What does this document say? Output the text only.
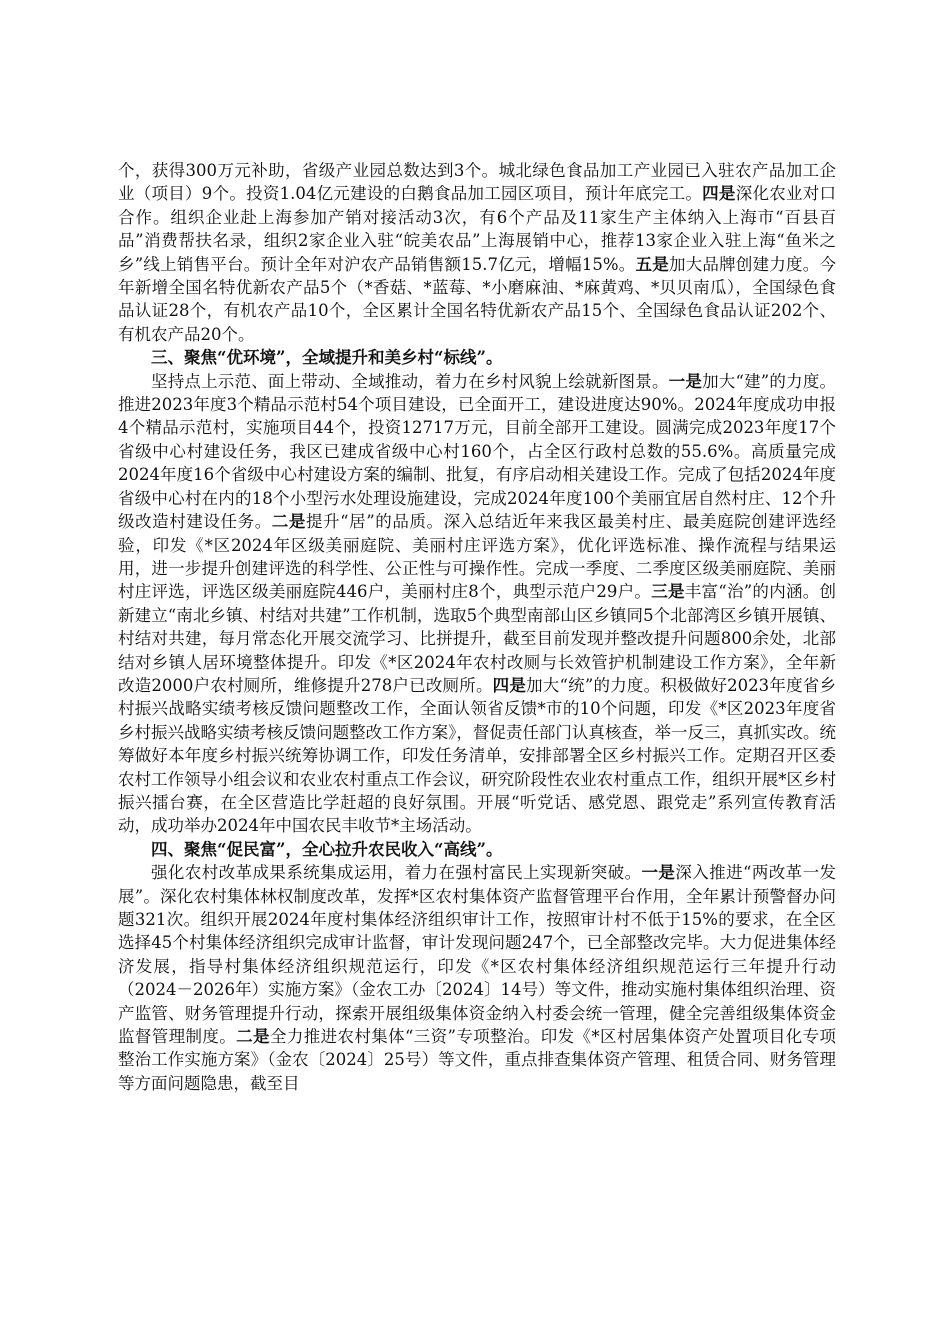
个，获得300万元补助，省级产业园总数达到3个。城北绿色食品加工产业园已入驻农产品加工企业（项目）9个。投资1.04亿元建设的白鹅食品加工园区项目，预计年底完工。四是深化农业对口合作。组织企业赴上海参加产销对接活动3次，有6个产品及11家生产主体纳入上海市“百县百品”消费帮扶名录，组织2家企业入驻“皖美农品”上海展销中心，推荐13家企业入驻上海“鱼米之乡”线上销售平台。预计全年对沪农产品销售额15.7亿元，增幅15%。五是加大品牌创建力度。今年新增全国名特优新农产品5个（*香菇、*蓝莓、*小磨麻油、*麻黄鸡、*贝贝南瓜），全国绿色食品认证28个，有机农产品10个，全区累计全国名特优新农产品15个、全国绿色食品认证202个、有机农产品20个。

三、聚焦“优环境”，全域提升和美乡村“标线”。

坚持点上示范、面上带动、全域推动，着力在乡村风貌上绘就新图景。一是加大“建”的力度。推进2023年度3个精品示范村54个项目建设，已全面开工，建设进度达90%。2024年度成功申报4个精品示范村，实施项目44个，投资12717万元，目前全部开工建设。圆满完成2023年度17个省级中心村建设任务，我区已建成省级中心村160个，占全区行政村总数的55.6%。高质量完成2024年度16个省级中心村建设方案的编制、批复，有序启动相关建设工作。完成了包括2024年度省级中心村在内的18个小型污水处理设施建设，完成2024年度100个美丽宜居自然村庄、12个升级改造村建设任务。二是提升“居”的品质。深入总结近年来我区最美村庄、最美庭院创建评选经验，印发《*区2024年区级美丽庭院、美丽村庄评选方案》，优化评选标准、操作流程与结果运用，进一步提升创建评选的科学性、公正性与可操作性。完成一季度、二季度区级美丽庭院、美丽村庄评选，评选区级美丽庭院446户，美丽村庄8个，典型示范户29户。三是丰富“治”的内涵。创新建立“南北乡镇、村结对共建”工作机制，选取5个典型南部山区乡镇同5个北部湾区乡镇开展镇、村结对共建，每月常态化开展交流学习、比拼提升，截至目前发现并整改提升问题800余处，北部结对乡镇人居环境整体提升。印发《*区2024年农村改厕与长效管护机制建设工作方案》，全年新改造2000户农村厕所，维修提升278户已改厕所。四是加大“统”的力度。积极做好2023年度省乡村振兴战略实绩考核反馈问题整改工作，全面认领省反馈*市的10个问题，印发《*区2023年度省乡村振兴战略实绩考核反馈问题整改工作方案》，督促责任部门认真核查，举一反三，真抓实改。统筹做好本年度乡村振兴统筹协调工作，印发任务清单，安排部署全区乡村振兴工作。定期召开区委农村工作领导小组会议和农业农村重点工作会议，研究阶段性农业农村重点工作，组织开展*区乡村振兴擂台赛，在全区营造比学赶超的良好氛围。开展“听党话、感党恩、跟党走”系列宣传教育活动，成功举办2024年中国农民丰收节*主场活动。

四、聚焦“促民富”，全心拉升农民收入“高线”。

强化农村改革成果系统集成运用，着力在强村富民上实现新突破。一是深入推进“两改革一发展”。深化农村集体林权制度改革，发挥*区农村集体资产监督管理平台作用，全年累计预警督办问题321次。组织开展2024年度村集体经济组织审计工作，按照审计村不低于15%的要求，在全区选择45个村集体经济组织完成审计监督，审计发现问题247个，已全部整改完毕。大力促进集体经济发展，指导村集体经济组织规范运行，印发《*区农村集体经济组织规范运行三年提升行动（2024－2026年）实施方案》（金农工办〔2024〕14号）等文件，推动实施村集体组织治理、资产监管、财务管理提升行动，探索开展组级集体资金纳入村委会统一管理，健全完善组级集体资金监督管理制度。二是全力推进农村集体“三资”专项整治。印发《*区村居集体资产处置项目化专项整治工作实施方案》（金农〔2024〕25号）等文件，重点排查集体资产管理、租赁合同、财务管理等方面问题隐患，截至目
